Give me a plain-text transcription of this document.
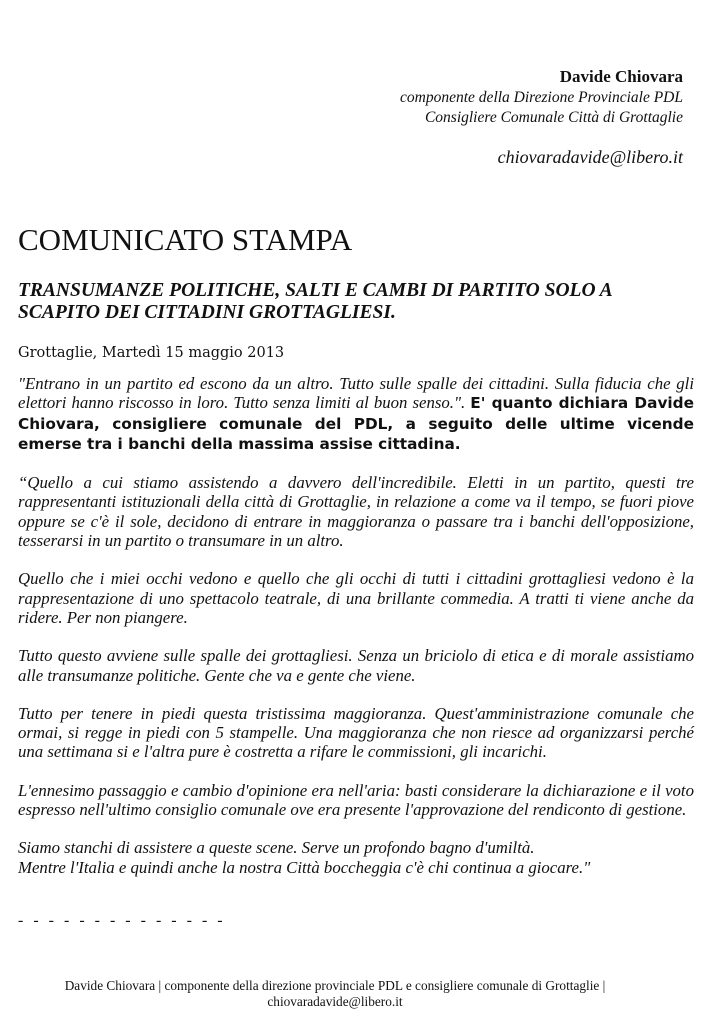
Davide Chiovara
componente della Direzione Provinciale PDL
Consigliere Comunale Città di Grottaglie
chiovaradavide@libero.it
COMUNICATO STAMPA
TRANSUMANZE POLITICHE, SALTI E CAMBI DI PARTITO SOLO A SCAPITO DEI CITTADINI GROTTAGLIESI.
Grottaglie, Martedì 15 maggio 2013

"Entrano in un partito ed escono da un altro. Tutto sulle spalle dei cittadini. Sulla fiducia che gli elettori hanno riscosso in loro. Tutto senza limiti al buon senso.". E' quanto dichiara Davide Chiovara, consigliere comunale del PDL, a seguito delle ultime vicende emerse tra i banchi della massima assise cittadina.

“Quello a cui stiamo assistendo a davvero dell'incredibile. Eletti in un partito, questi tre rappresentanti istituzionali della città di Grottaglie, in relazione a come va il tempo, se fuori piove oppure se c'è il sole, decidono di entrare in maggioranza o passare tra i banchi dell'opposizione, tesserarsi in un partito o transumare in un altro.

Quello che i miei occhi vedono e quello che gli occhi di tutti i cittadini grottagliesi vedono è la rappresentazione di uno spettacolo teatrale, di una brillante commedia. A tratti ti viene anche da ridere. Per non piangere.

Tutto questo avviene sulle spalle dei grottagliesi. Senza un briciolo di etica e di morale assistiamo alle transumanze politiche. Gente che va e gente che viene.

Tutto per tenere in piedi questa tristissima maggioranza. Quest'amministrazione comunale che ormai, si regge in piedi con 5 stampelle. Una maggioranza che non riesce ad organizzarsi perché una settimana si e l'altra pure è costretta a rifare le commissioni, gli incarichi.

L'ennesimo passaggio e cambio d'opinione era nell'aria: basti considerare la dichiarazione e il voto espresso nell'ultimo consiglio comunale ove era presente l'approvazione del rendiconto di gestione.

Siamo stanchi di assistere a queste scene. Serve un profondo bagno d'umiltà.
Mentre l'Italia e quindi anche la nostra Città boccheggia c'è chi continua a giocare."

- - - - - - - - - - - - - -
Davide Chiovara | componente della direzione provinciale PDL e consigliere comunale di Grottaglie |
chiovaradavide@libero.it
